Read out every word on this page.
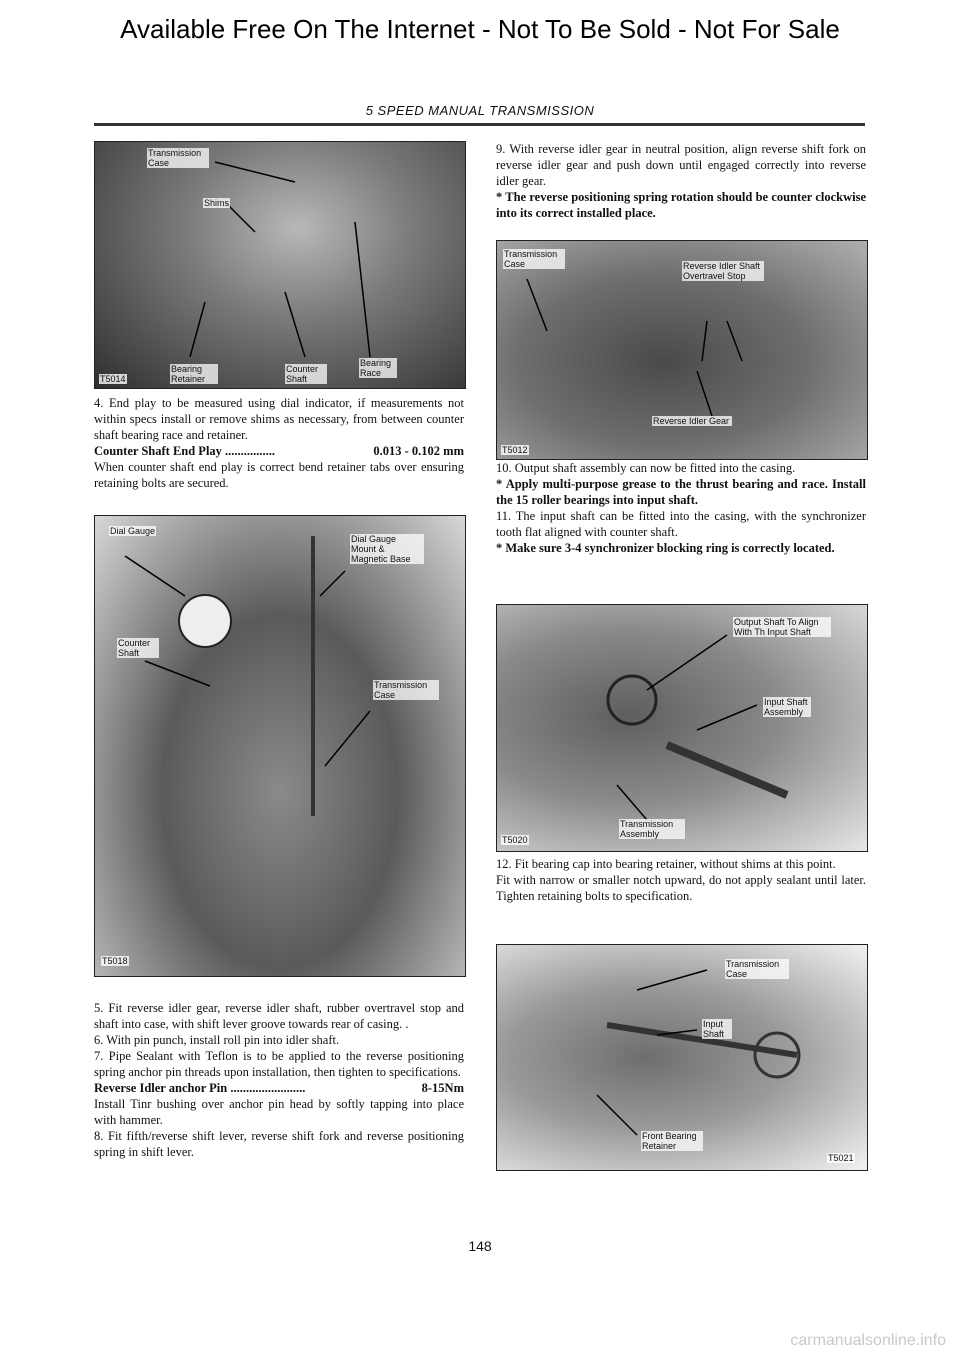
Available Free On The Internet - Not To Be Sold - Not For Sale
5 SPEED MANUAL TRANSMISSION
Transmission Case
Shims
Bearing Retainer
Counter Shaft
Bearing Race
T5014

4. End play to be measured using dial indicator, if measurements not within specs install or remove shims as necessary, from between counter shaft bearing race and retainer.

Counter Shaft End Play ................	0.013 - 0.102 mm

When counter shaft end play is correct bend retainer tabs over ensuring retaining bolts are secured.

Dial Gauge
Dial Gauge Mount & Magnetic Base
Counter Shaft
Transmission Case
T5018

5. Fit reverse idler gear, reverse idler shaft, rubber overtravel stop and shaft into case, with shift lever groove towards rear of casing. .

6. With pin punch, install roll pin into idler shaft.

7. Pipe Sealant with Teflon is to be applied to the reverse positioning spring anchor pin threads upon installation, then tighten to specifications.

Reverse Idler anchor Pin ........................	8-15Nm

Install Tinr bushing over anchor pin head by softly tapping into place with hammer.

8. Fit fifth/reverse shift lever, reverse shift fork and reverse positioning spring in shift lever.

9. With reverse idler gear in neutral position, align reverse shift fork on reverse idler gear and push down until engaged correctly into reverse idler gear.

* The reverse positioning spring rotation should be counter clockwise into its correct installed place.

Transmission Case	Reverse Idler Shaft Overtravel Stop
Reverse Idler Gear
T5012

10. Output shaft assembly can now be fitted into the casing.

* Apply multi-purpose grease to the thrust bearing and race. Install the 15 roller bearings into input shaft.

11. The input shaft can be fitted into the casing, with the synchronizer tooth flat aligned with counter shaft.

* Make sure 3-4 synchronizer blocking ring is correctly located.

Output Shaft To Align With Th Input Shaft
Input Shaft Assembly
Transmission Assembly
T5020

12. Fit bearing cap into bearing retainer, without shims at this point.

Fit with narrow or smaller notch upward, do not apply sealant until later. Tighten retaining bolts to specification.

Transmission Case
Input Shaft
Front Bearing Retainer
T5021
148
carmanualsonline.info
